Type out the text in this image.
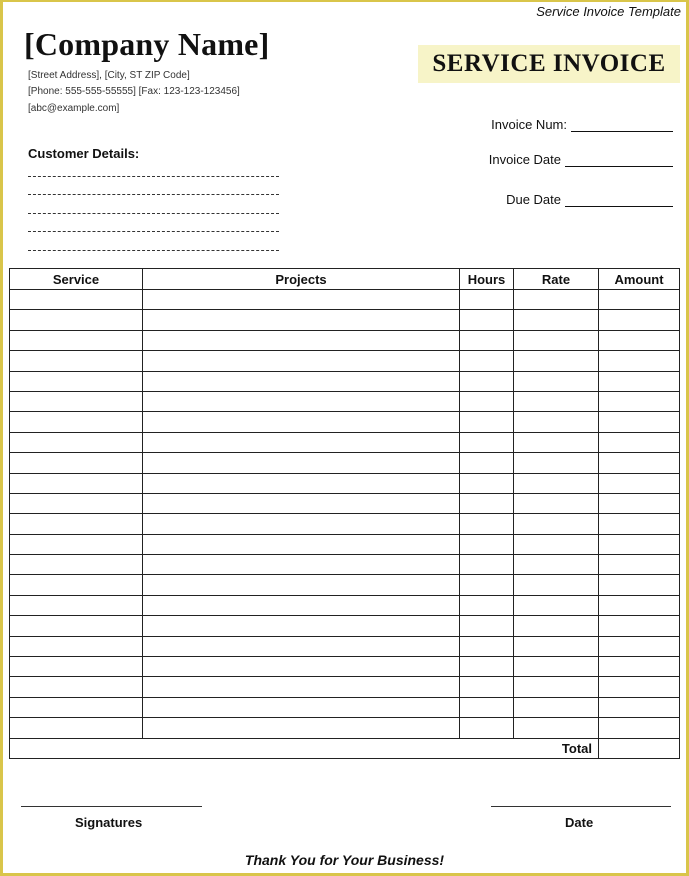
Service Invoice Template
[Company Name]
[Street Address], [City, ST ZIP Code]
[Phone: 555-555-55555] [Fax: 123-123-123456]
[abc@example.com]
SERVICE INVOICE
Invoice Num:
Invoice Date
Due Date
Customer Details:
Service	Projects	Hours	Rate	Amount

Total				
Signatures	Date
Thank You for Your Business!
